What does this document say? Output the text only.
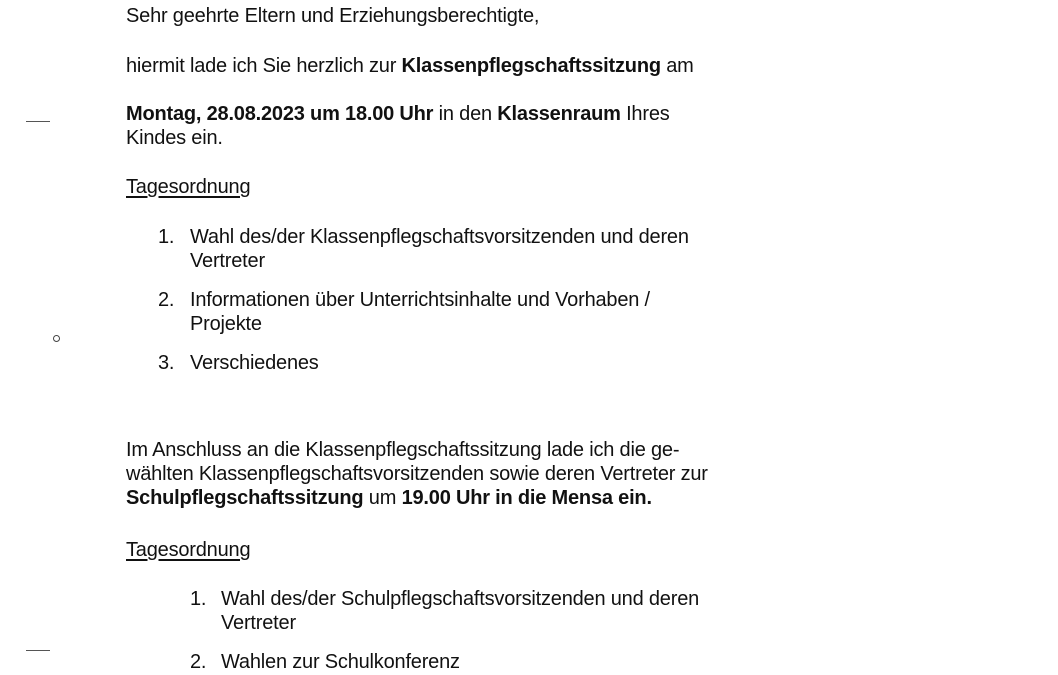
Sehr geehrte Eltern und Erziehungsberechtigte,

hiermit lade ich Sie herzlich zur Klassenpflegschaftssitzung am

Montag, 28.08.2023 um 18.00 Uhr in den Klassenraum Ihres
Kindes ein.

Tagesordnung
1. Wahl des/der Klassenpflegschaftsvorsitzenden und deren
Vertreter
2. Informationen über Unterrichtsinhalte und Vorhaben /
Projekte
3. Verschiedenes

Im Anschluss an die Klassenpflegschaftssitzung lade ich die ge-
wählten Klassenpflegschaftsvorsitzenden sowie deren Vertreter zur
Schulpflegschaftssitzung um 19.00 Uhr in die Mensa ein.

Tagesordnung
1. Wahl des/der Schulpflegschaftsvorsitzenden und deren
Vertreter
2. Wahlen zur Schulkonferenz
